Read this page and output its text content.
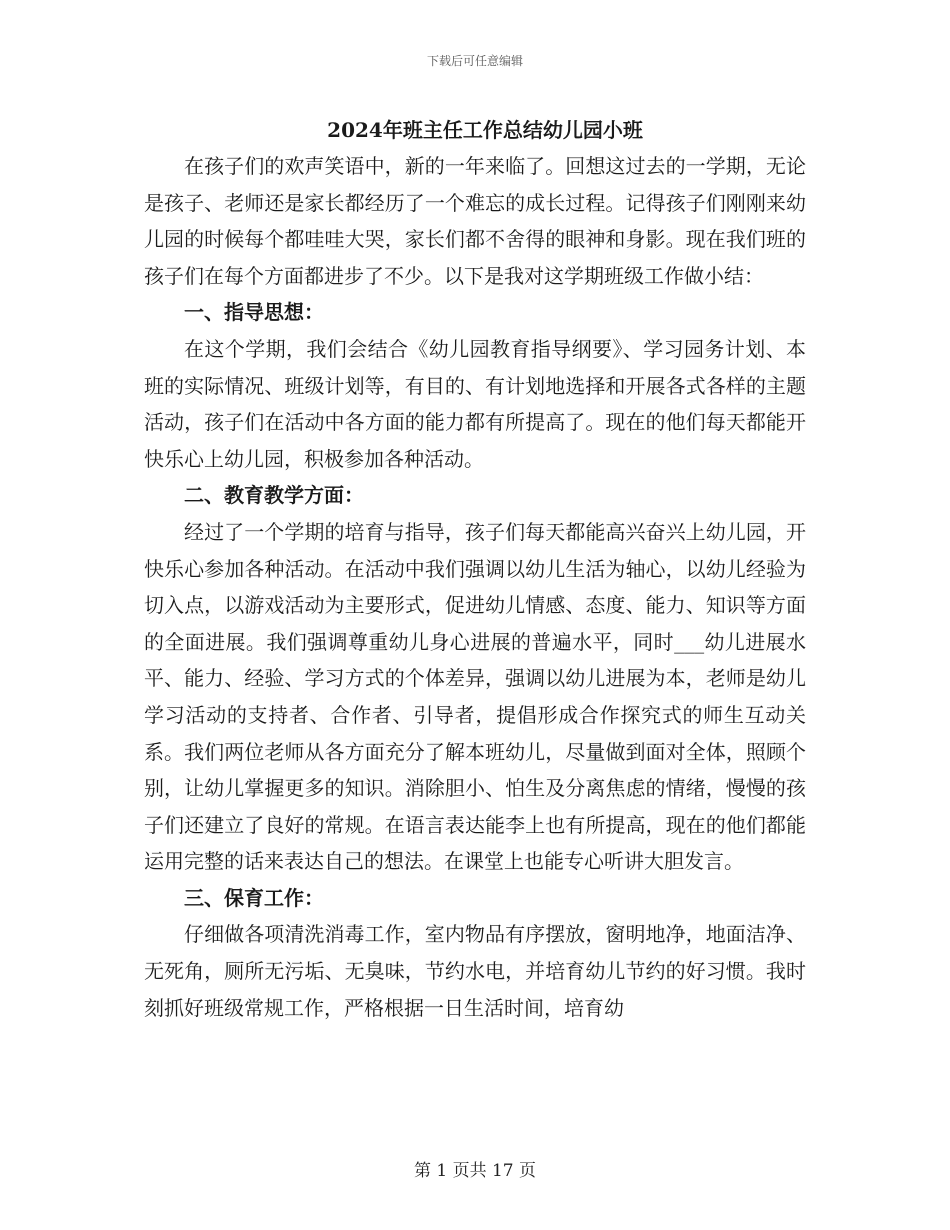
下载后可任意编辑
2024年班主任工作总结幼儿园小班

在孩子们的欢声笑语中，新的一年来临了。回想这过去的一学期，无论是孩子、老师还是家长都经历了一个难忘的成长过程。记得孩子们刚刚来幼儿园的时候每个都哇哇大哭，家长们都不舍得的眼神和身影。现在我们班的孩子们在每个方面都进步了不少。以下是我对这学期班级工作做小结：

一、指导思想：

在这个学期，我们会结合《幼儿园教育指导纲要》、学习园务计划、本班的实际情况、班级计划等，有目的、有计划地选择和开展各式各样的主题活动，孩子们在活动中各方面的能力都有所提高了。现在的他们每天都能开快乐心上幼儿园，积极参加各种活动。

二、教育教学方面：

经过了一个学期的培育与指导，孩子们每天都能高兴奋兴上幼儿园，开快乐心参加各种活动。在活动中我们强调以幼儿生活为轴心，以幼儿经验为切入点，以游戏活动为主要形式，促进幼儿情感、态度、能力、知识等方面的全面进展。我们强调尊重幼儿身心进展的普遍水平，同时___幼儿进展水平、能力、经验、学习方式的个体差异，强调以幼儿进展为本，老师是幼儿学习活动的支持者、合作者、引导者，提倡形成合作探究式的师生互动关系。我们两位老师从各方面充分了解本班幼儿，尽量做到面对全体，照顾个别，让幼儿掌握更多的知识。消除胆小、怕生及分离焦虑的情绪，慢慢的孩子们还建立了良好的常规。在语言表达能李上也有所提高，现在的他们都能运用完整的话来表达自己的想法。在课堂上也能专心听讲大胆发言。

三、保育工作：

仔细做各项清洗消毒工作，室内物品有序摆放，窗明地净，地面洁净、无死角，厕所无污垢、无臭味，节约水电，并培育幼儿节约的好习惯。我时刻抓好班级常规工作，严格根据一日生活时间，培育幼

第 1 页共 17 页
